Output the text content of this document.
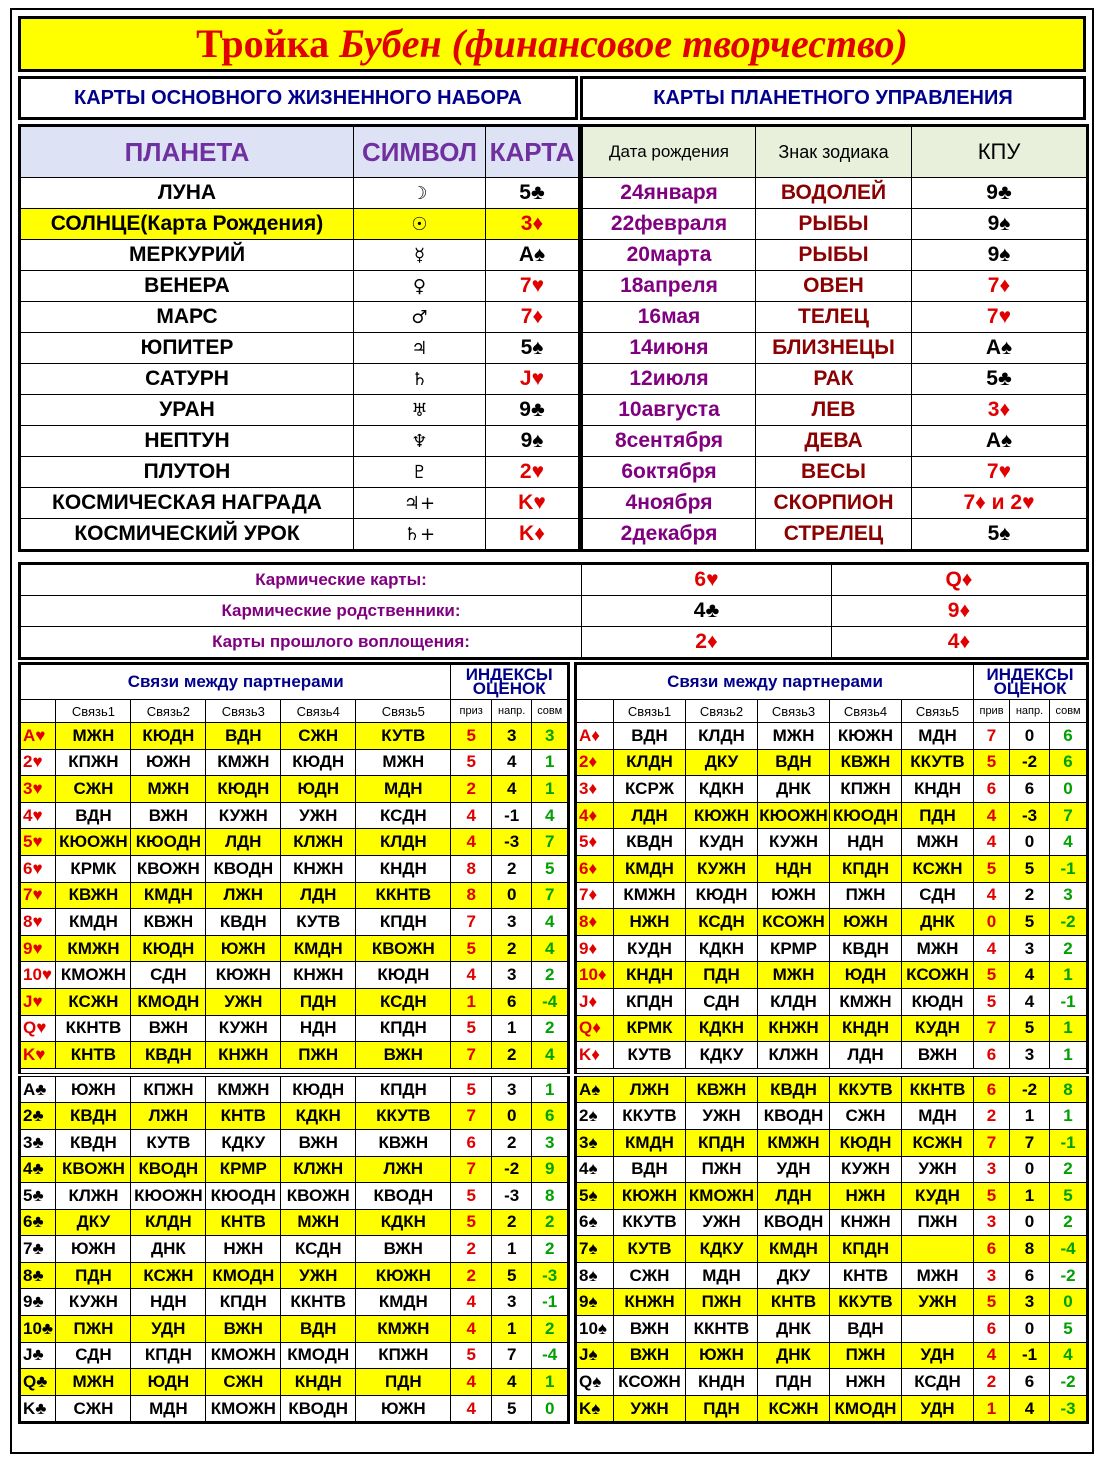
Тройка Бубен (финансовое творчество)
КАРТЫ ОСНОВНОГО ЖИЗНЕННОГО НАБОРА	КАРТЫ ПЛАНЕТНОГО УПРАВЛЕНИЯ
ПЛАНЕТА	СИМВОЛ	КАРТА
ЛУНА	☽	5♣
СОЛНЦЕ(Карта Рождения)	☉	3♦
МЕРКУРИЙ	☿	A♠
ВЕНЕРА	♀	7♥
МАРС	♂	7♦
ЮПИТЕР	♃	5♠
САТУРН	♄	J♥
УРАН	♅	9♣
НЕПТУН	♆	9♠
ПЛУТОН	♇	2♥
КОСМИЧЕСКАЯ НАГРАДА	♃+	K♥
КОСМИЧЕСКИЙ УРОК	♄+	K♦
Дата рождения	Знак зодиака	КПУ
24января	ВОДОЛЕЙ	9♣
22февраля	РЫБЫ	9♠
20марта	РЫБЫ	9♠
18апреля	ОВЕН	7♦
16мая	ТЕЛЕЦ	7♥
14июня	БЛИЗНЕЦЫ	A♠
12июля	РАК	5♣
10августа	ЛЕВ	3♦
8сентября	ДЕВА	A♠
6октября	ВЕСЫ	7♥
4ноября	СКОРПИОН	7♦ и 2♥
2декабря	СТРЕЛЕЦ	5♠
Кармические карты:	6♥	Q♦
Кармические родственники:	4♣	9♦
Карты прошлого воплощения:	2♦	4♦
Связи между партнерами						ИНДЕКСЫ ОЦЕНОК		
	Связь1	Связь2	Связь3	Связь4	Связь5	приз	напр.	совм
A♥	МЖН	КЮДН	ВДН	СЖН	КУТВ	5	3	3
2♥	КПЖН	ЮЖН	КМЖН	КЮДН	МЖН	5	4	1
3♥	СЖН	МЖН	КЮДН	ЮДН	МДН	2	4	1
4♥	ВДН	ВЖН	КУЖН	УЖН	КСДН	4	-1	4
5♥	КЮОЖН	КЮОДН	ЛДН	КЛЖН	КЛДН	4	-3	7
6♥	КРМК	КВОЖН	КВОДН	КНЖН	КНДН	8	2	5
7♥	КВЖН	КМДН	ЛЖН	ЛДН	ККНТВ	8	0	7
8♥	КМДН	КВЖН	КВДН	КУТВ	КПДН	7	3	4
9♥	КМЖН	КЮДН	ЮЖН	КМДН	КВОЖН	5	2	4
10♥	КМОЖН	СДН	КЮЖН	КНЖН	КЮДН	4	3	2
J♥	КСЖН	КМОДН	УЖН	ПДН	КСДН	1	6	-4
Q♥	ККНТВ	ВЖН	КУЖН	НДН	КПДН	5	1	2
K♥	КНТВ	КВДН	КНЖН	ПЖН	ВЖН	7	2	4

A♣	ЮЖН	КПЖН	КМЖН	КЮДН	КПДН	5	3	1
2♣	КВДН	ЛЖН	КНТВ	КДКН	ККУТВ	7	0	6
3♣	КВДН	КУТВ	КДКУ	ВЖН	КВЖН	6	2	3
4♣	КВОЖН	КВОДН	КРМР	КЛЖН	ЛЖН	7	-2	9
5♣	КЛЖН	КЮОЖН	КЮОДН	КВОЖН	КВОДН	5	-3	8
6♣	ДКУ	КЛДН	КНТВ	МЖН	КДКН	5	2	2
7♣	ЮЖН	ДНК	НЖН	КСДН	ВЖН	2	1	2
8♣	ПДН	КСЖН	КМОДН	УЖН	КЮЖН	2	5	-3
9♣	КУЖН	НДН	КПДН	ККНТВ	КМДН	4	3	-1
10♣	ПЖН	УДН	ВЖН	ВДН	КМЖН	4	1	2
J♣	СДН	КПДН	КМОЖН	КМОДН	КПЖН	5	7	-4
Q♣	МЖН	ЮДН	СЖН	КНДН	ПДН	4	4	1
K♣	СЖН	МДН	КМОЖН	КВОДН	ЮЖН	4	5	0
Связи между партнерами						ИНДЕКСЫ ОЦЕНОК		
	Связь1	Связь2	Связь3	Связь4	Связь5	прив	напр.	совм
A♦	ВДН	КЛДН	МЖН	КЮЖН	МДН	7	0	6
2♦	КЛДН	ДКУ	ВДН	КВЖН	ККУТВ	5	-2	6
3♦	КСРЖ	КДКН	ДНК	КПЖН	КНДН	6	6	0
4♦	ЛДН	КЮЖН	КЮОЖН	КЮОДН	ПДН	4	-3	7
5♦	КВДН	КУДН	КУЖН	НДН	МЖН	4	0	4
6♦	КМДН	КУЖН	НДН	КПДН	КСЖН	5	5	-1
7♦	КМЖН	КЮДН	ЮЖН	ПЖН	СДН	4	2	3
8♦	НЖН	КСДН	КСОЖН	ЮЖН	ДНК	0	5	-2
9♦	КУДН	КДКН	КРМР	КВДН	МЖН	4	3	2
10♦	КНДН	ПДН	МЖН	ЮДН	КСОЖН	5	4	1
J♦	КПДН	СДН	КЛДН	КМЖН	КЮДН	5	4	-1
Q♦	КРМК	КДКН	КНЖН	КНДН	КУДН	7	5	1
K♦	КУТВ	КДКУ	КЛЖН	ЛДН	ВЖН	6	3	1

A♠	ЛЖН	КВЖН	КВДН	ККУТВ	ККНТВ	6	-2	8
2♠	ККУТВ	УЖН	КВОДН	СЖН	МДН	2	1	1
3♠	КМДН	КПДН	КМЖН	КЮДН	КСЖН	7	7	-1
4♠	ВДН	ПЖН	УДН	КУЖН	УЖН	3	0	2
5♠	КЮЖН	КМОЖН	ЛДН	НЖН	КУДН	5	1	5
6♠	ККУТВ	УЖН	КВОДН	КНЖН	ПЖН	3	0	2
7♠	КУТВ	КДКУ	КМДН	КПДН		6	8	-4
8♠	СЖН	МДН	ДКУ	КНТВ	МЖН	3	6	-2
9♠	КНЖН	ПЖН	КНТВ	ККУТВ	УЖН	5	3	0
10♠	ВЖН	ККНТВ	ДНК	ВДН		6	0	5
J♠	ВЖН	ЮЖН	ДНК	ПЖН	УДН	4	-1	4
Q♠	КСОЖН	КНДН	ПДН	НЖН	КСДН	2	6	-2
K♠	УЖН	ПДН	КСЖН	КМОДН	УДН	1	4	-3
